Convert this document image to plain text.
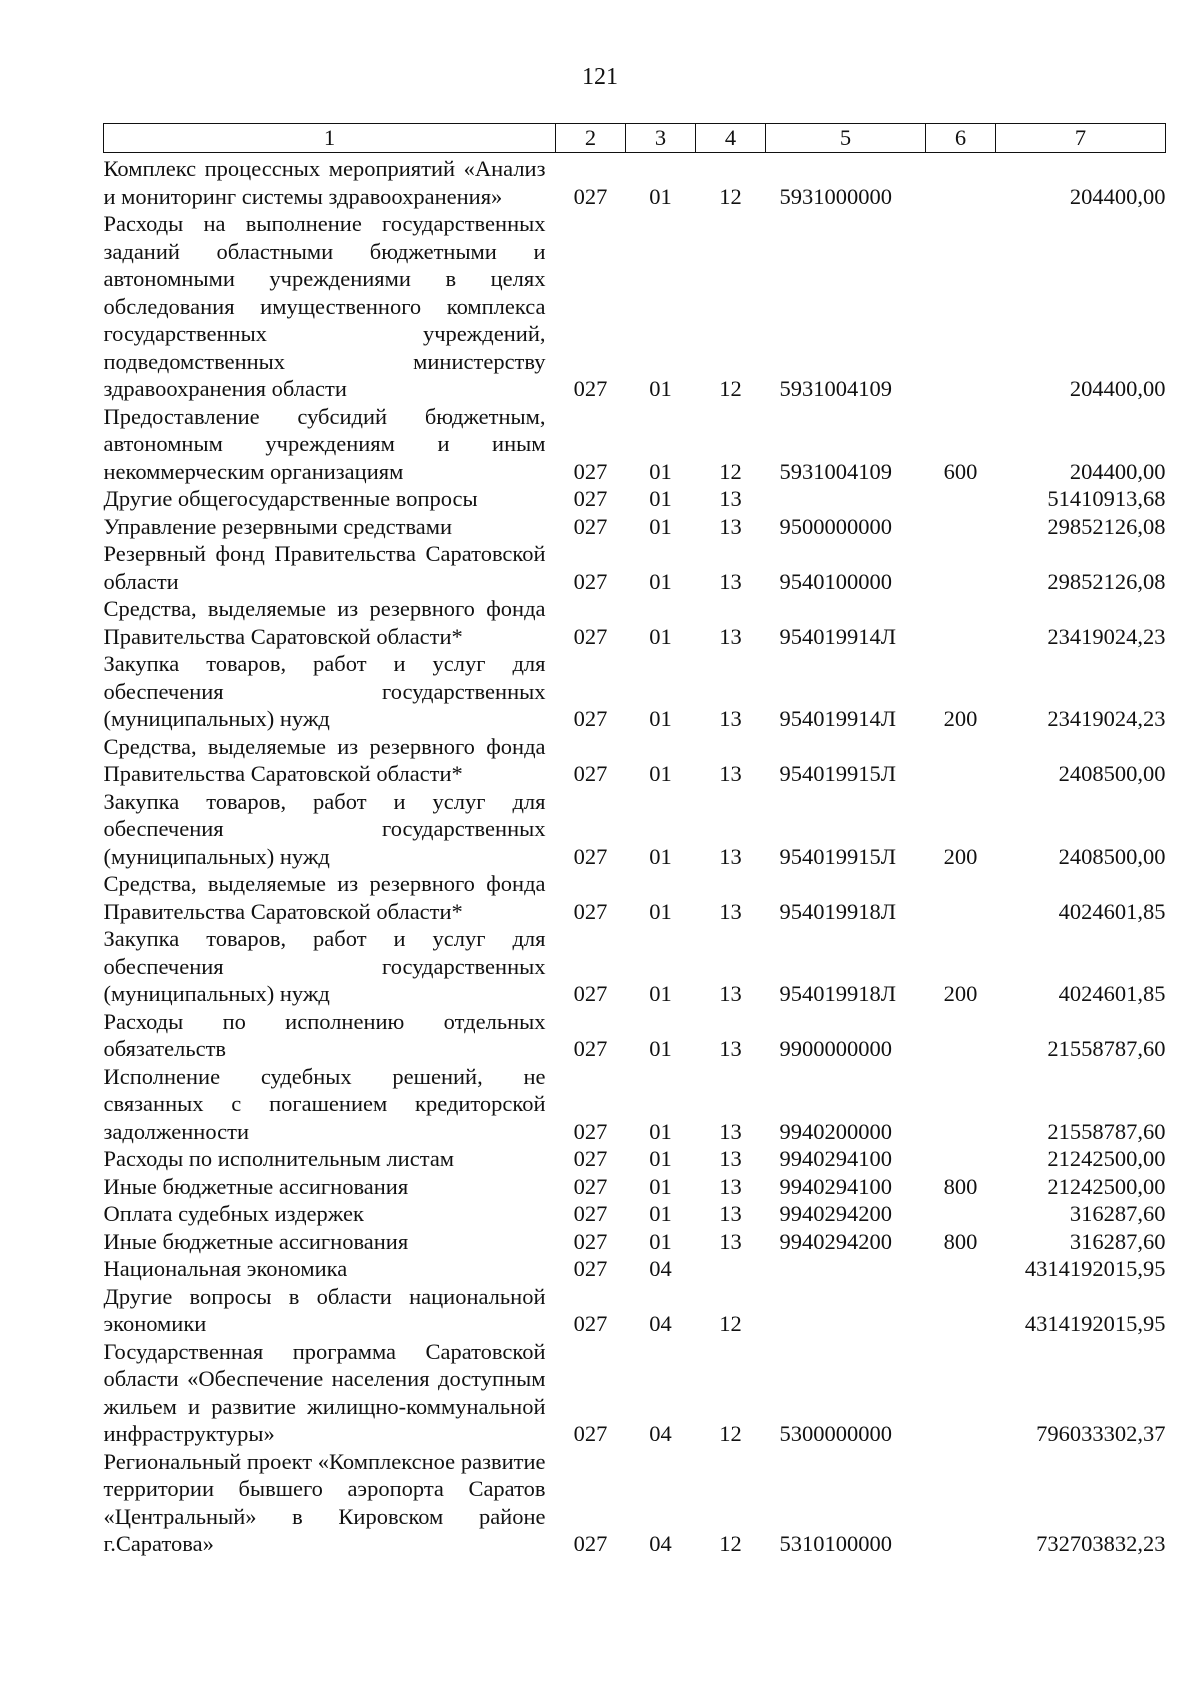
121
1	2	3	4	5	6	7
Комплекс процессных мероприятий «Анализ и мониторинг системы здравоохранения»	027	01	12	5931000000		204400,00
Расходы на выполнение государственных заданий областными бюджетными и автономными учреждениями в целях обследования имущественного комплекса государственных учреждений, подведомственных министерству здравоохранения области	027	01	12	5931004109		204400,00
Предоставление субсидий бюджетным, автономным учреждениям и иным некоммерческим организациям	027	01	12	5931004109	600	204400,00
Другие общегосударственные вопросы	027	01	13			51410913,68
Управление резервными средствами	027	01	13	9500000000		29852126,08
Резервный фонд Правительства Саратовской области	027	01	13	9540100000		29852126,08
Средства, выделяемые из резервного фонда Правительства Саратовской области*	027	01	13	954019914Л		23419024,23
Закупка товаров, работ и услуг для обеспечения государственных (муниципальных) нужд	027	01	13	954019914Л	200	23419024,23
Средства, выделяемые из резервного фонда Правительства Саратовской области*	027	01	13	954019915Л		2408500,00
Закупка товаров, работ и услуг для обеспечения государственных (муниципальных) нужд	027	01	13	954019915Л	200	2408500,00
Средства, выделяемые из резервного фонда Правительства Саратовской области*	027	01	13	954019918Л		4024601,85
Закупка товаров, работ и услуг для обеспечения государственных (муниципальных) нужд	027	01	13	954019918Л	200	4024601,85
Расходы по исполнению отдельных обязательств	027	01	13	9900000000		21558787,60
Исполнение судебных решений, не связанных с погашением кредиторской задолженности	027	01	13	9940200000		21558787,60
Расходы по исполнительным листам	027	01	13	9940294100		21242500,00
Иные бюджетные ассигнования	027	01	13	9940294100	800	21242500,00
Оплата судебных издержек	027	01	13	9940294200		316287,60
Иные бюджетные ассигнования	027	01	13	9940294200	800	316287,60
Национальная экономика	027	04				4314192015,95
Другие вопросы в области национальной экономики	027	04	12			4314192015,95
Государственная программа Саратовской области «Обеспечение населения доступным жильем и развитие жилищно-коммунальной инфраструктуры»	027	04	12	5300000000		796033302,37
Региональный проект «Комплексное развитие территории бывшего аэропорта Саратов «Центральный» в Кировском районе г.Саратова»	027	04	12	5310100000		732703832,23
